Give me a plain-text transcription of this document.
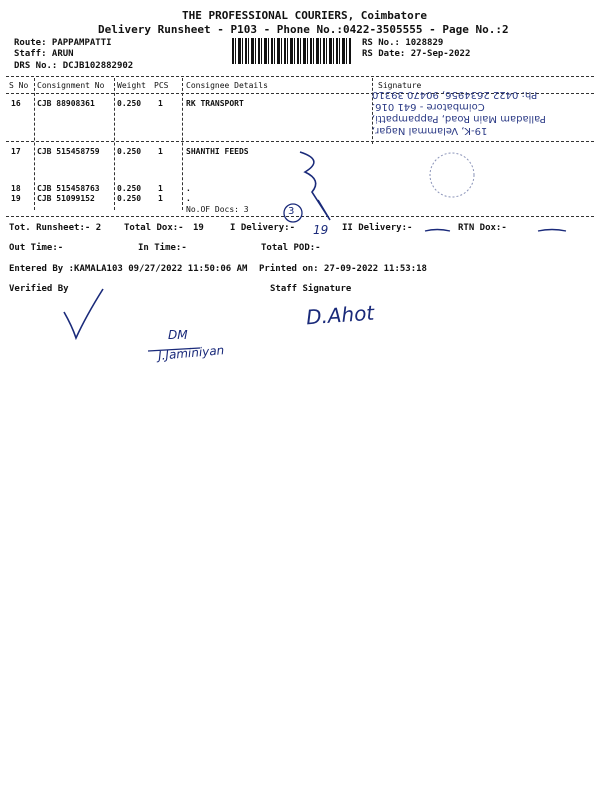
THE PROFESSIONAL COURIERS, Coimbatore
Delivery Runsheet - P103 - Phone No.:0422-3505555 - Page No.:2
Route: PAPPAMPATTI
Staff: ARUN
DRS No.: DCJB102882902
RS No.: 1028829
RS Date: 27-Sep-2022
S No Consignment No Weight PCS Consignee Details	Signature
16 CJB 88908361	0.250 1	RK TRANSPORT
17 CJB 515458759 0.250 1	SHANTHI FEEDS
18 CJB 515458763 0.250 1	.
19 CJB 51099152	0.250 1	.
No.OF Docs: 3
Ph: 0422 2634956, 90470 39310
Coimbatore - 641 016.
Palladam Main Road, Pappampatti,
19-K, Velammal Nagar,
Tot. Runsheet:- 2	Total Dox:- 19	I Delivery:-	II Delivery:-	RTN Dox:-
Out Time:-	In Time:-	Total POD:-
Entered By :KAMALA103 09/27/2022 11:50:06 AM Printed on: 27-09-2022 11:53:18
Verified By	Staff Signature
3
19
D.Ahot
DM
J.Jaminiyan
